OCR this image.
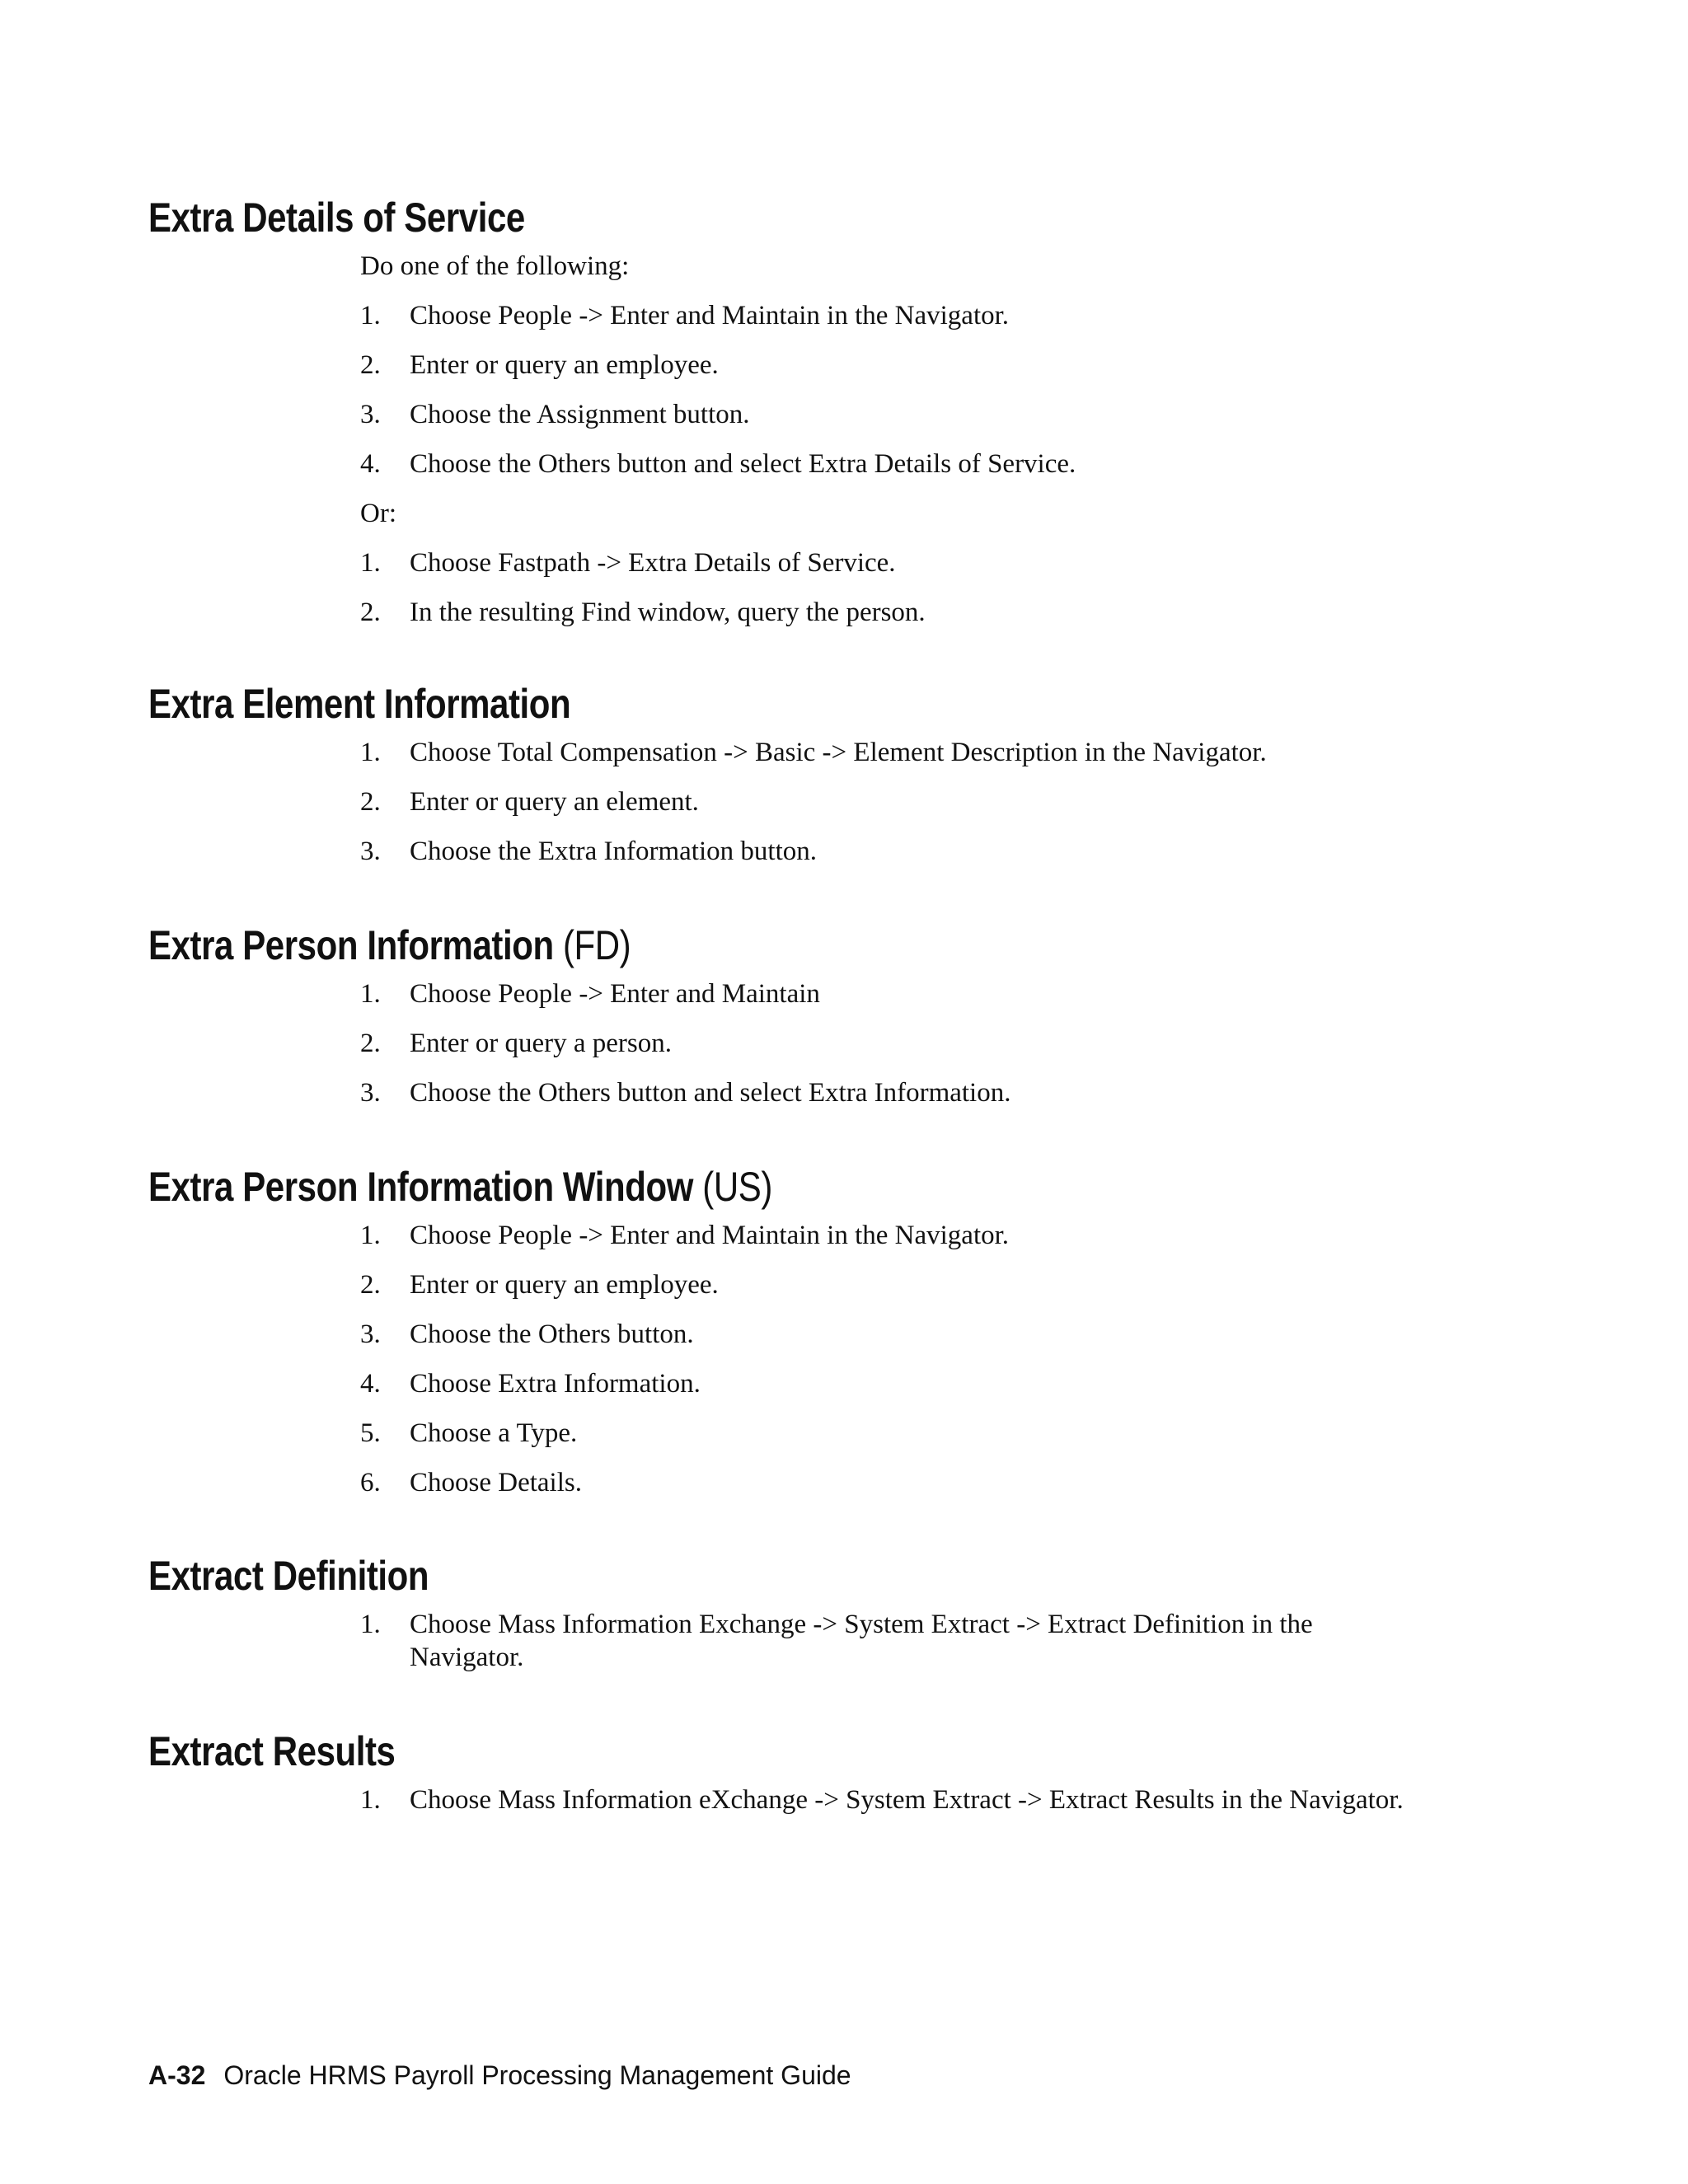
Extra Details of Service

Do one of the following:

1.	Choose People -> Enter and Maintain in the Navigator.
2.	Enter or query an employee.
3.	Choose the Assignment button.
4.	Choose the Others button and select Extra Details of Service.

Or:

1.	Choose Fastpath -> Extra Details of Service.
2.	In the resulting Find window, query the person.
Extra Element Information
1.	Choose Total Compensation -> Basic -> Element Description in the Navigator.
2.	Enter or query an element.
3.	Choose the Extra Information button.
Extra Person Information (FD)
1.	Choose People -> Enter and Maintain
2.	Enter or query a person.
3.	Choose the Others button and select Extra Information.
Extra Person Information Window (US)
1.	Choose People -> Enter and Maintain in the Navigator.
2.	Enter or query an employee.
3.	Choose the Others button.
4.	Choose Extra Information.
5.	Choose a Type.
6.	Choose Details.
Extract Definition
1.	Choose Mass Information Exchange -> System Extract -> Extract Definition in the Navigator.
Extract Results
1.	Choose Mass Information eXchange -> System Extract -> Extract Results in the Navigator.
A-32 Oracle HRMS Payroll Processing Management Guide
